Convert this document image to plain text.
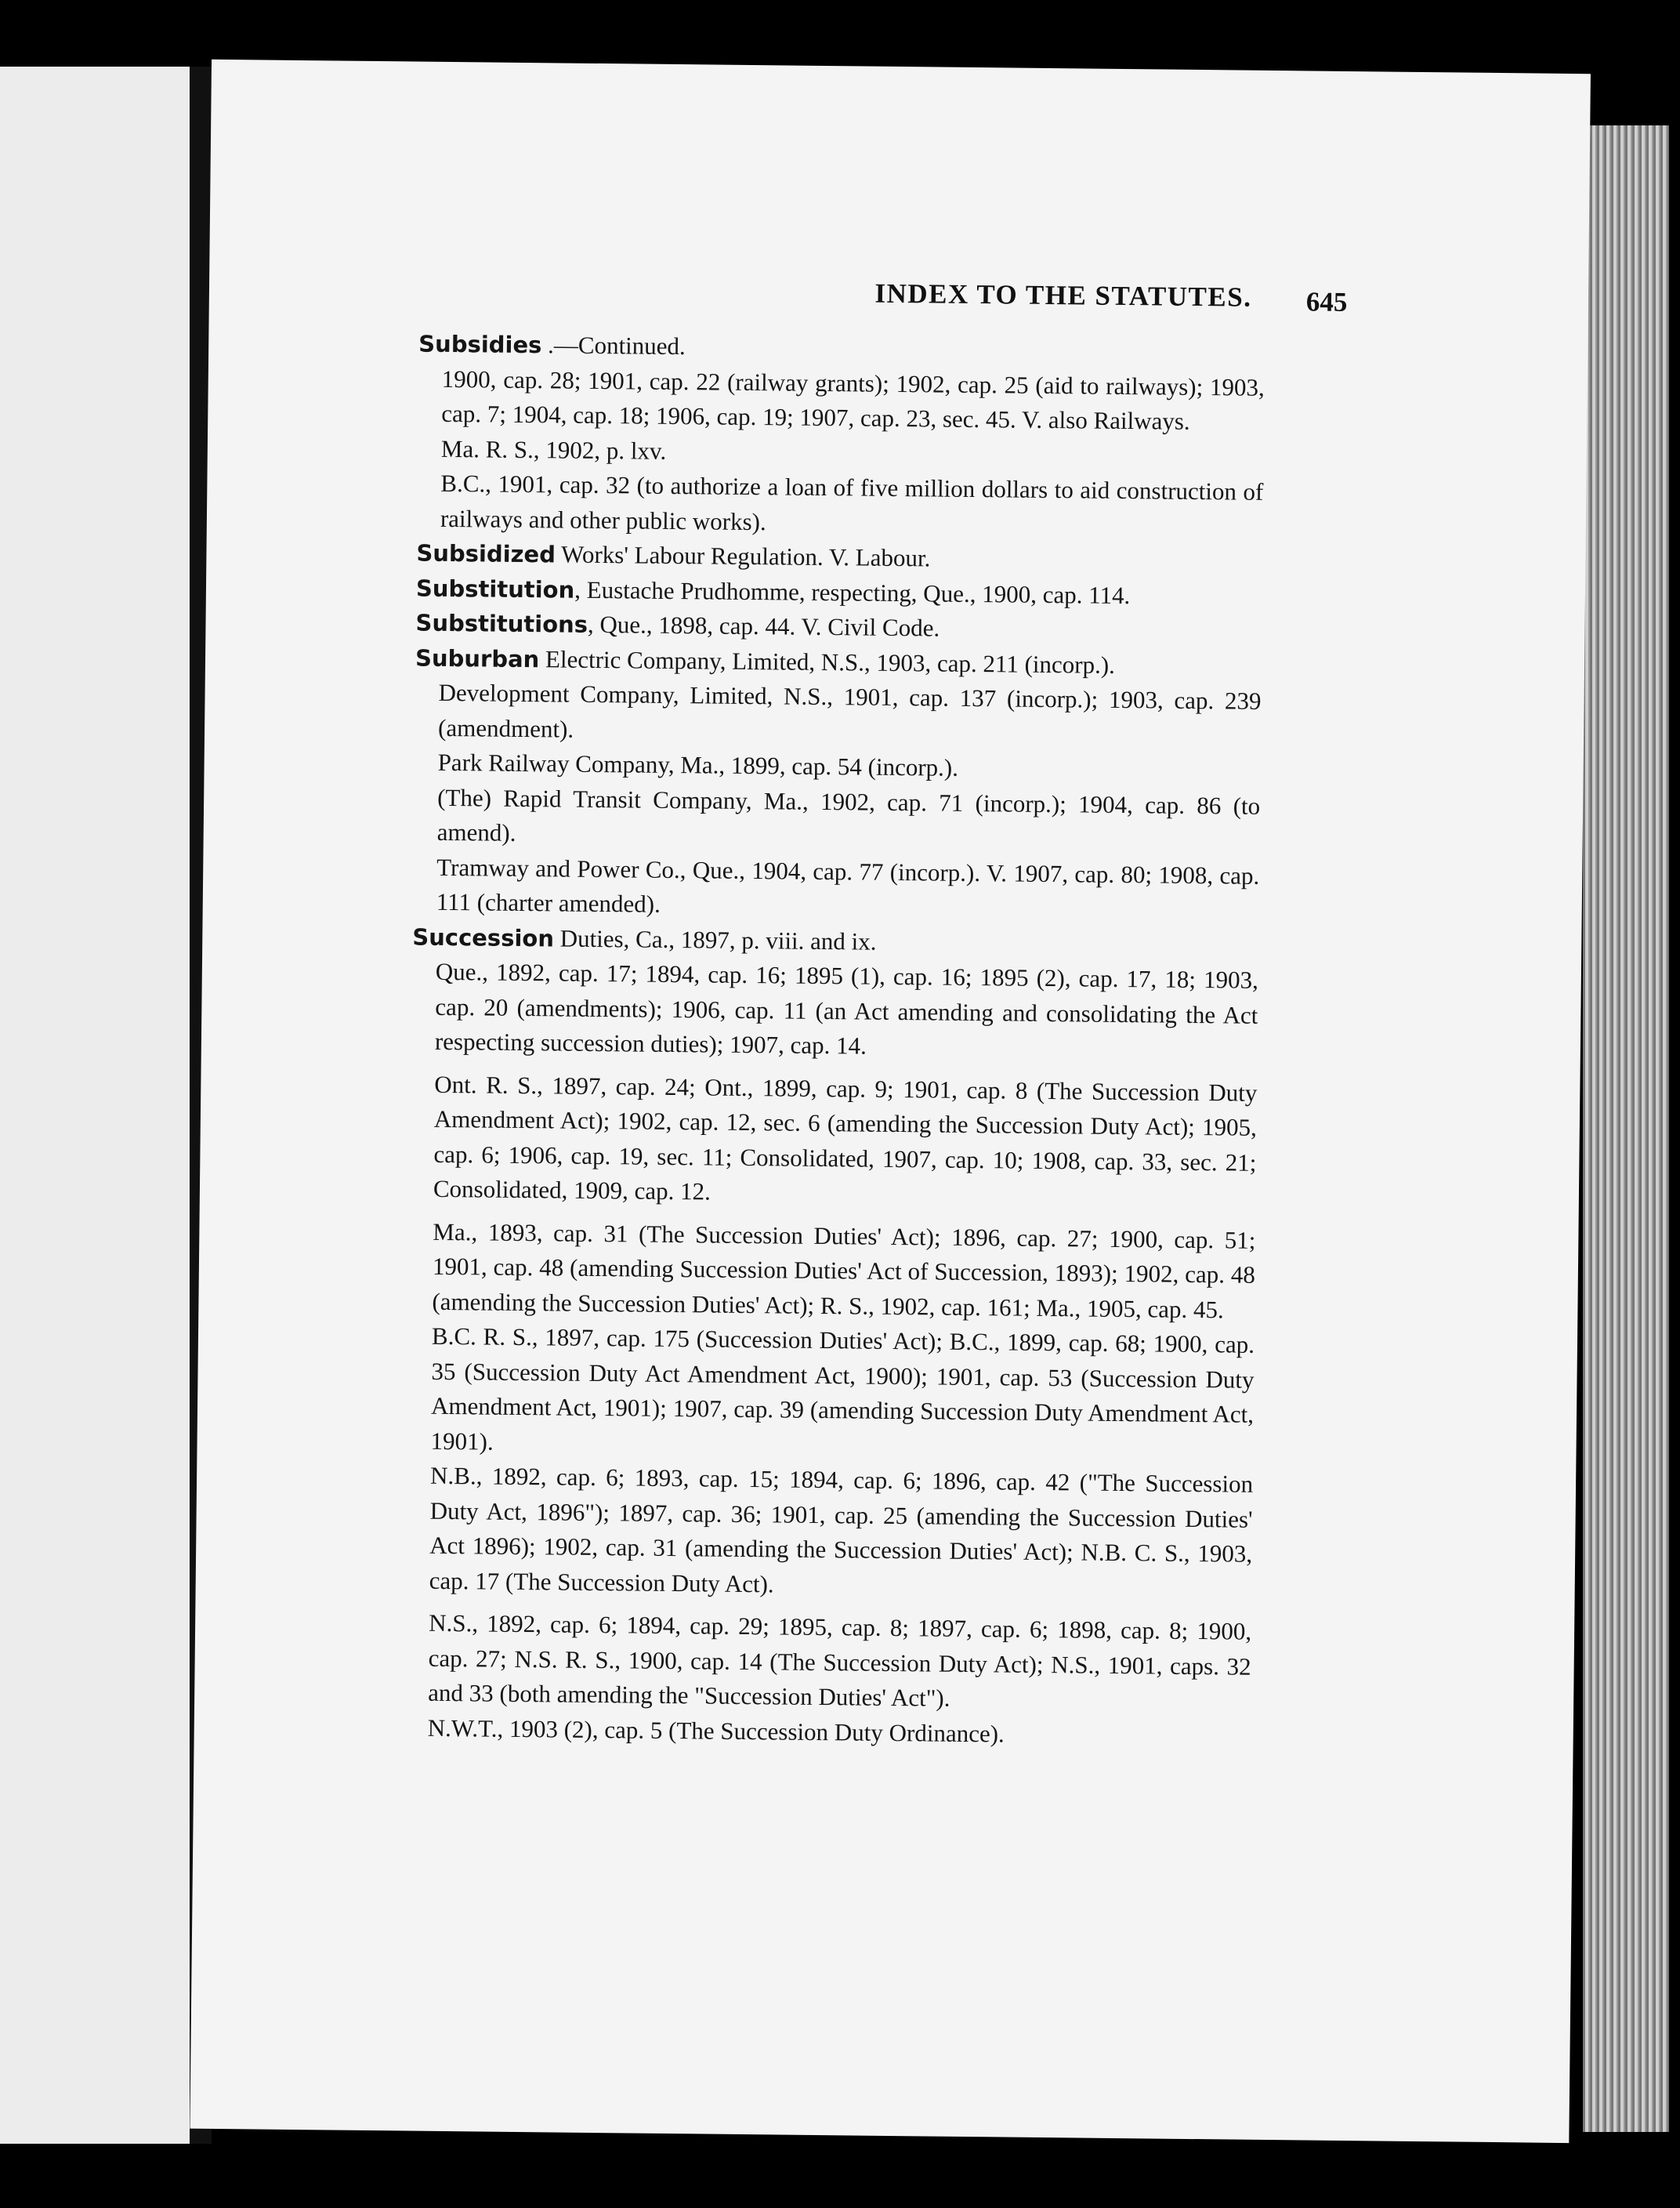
INDEX TO THE STATUTES.	645

Subsidies .—Continued.

1900, cap. 28; 1901, cap. 22 (railway grants); 1902, cap. 25 (aid to railways); 1903, cap. 7; 1904, cap. 18; 1906, cap. 19; 1907, cap. 23, sec. 45. V. also Railways.

Ma. R. S., 1902, p. lxv.

B.C., 1901, cap. 32 (to authorize a loan of five million dollars to aid construction of railways and other public works).

Subsidized Works' Labour Regulation. V. Labour.

Substitution, Eustache Prudhomme, respecting, Que., 1900, cap. 114.

Substitutions, Que., 1898, cap. 44. V. Civil Code.

Suburban Electric Company, Limited, N.S., 1903, cap. 211 (incorp.).

Development Company, Limited, N.S., 1901, cap. 137 (incorp.); 1903, cap. 239 (amendment).

Park Railway Company, Ma., 1899, cap. 54 (incorp.).

(The) Rapid Transit Company, Ma., 1902, cap. 71 (incorp.); 1904, cap. 86 (to amend).

Tramway and Power Co., Que., 1904, cap. 77 (incorp.). V. 1907, cap. 80; 1908, cap. 111 (charter amended).

Succession Duties, Ca., 1897, p. viii. and ix.

Que., 1892, cap. 17; 1894, cap. 16; 1895 (1), cap. 16; 1895 (2), cap. 17, 18; 1903, cap. 20 (amendments); 1906, cap. 11 (an Act amending and consolidating the Act respecting succession duties); 1907, cap. 14.

Ont. R. S., 1897, cap. 24; Ont., 1899, cap. 9; 1901, cap. 8 (The Succession Duty Amendment Act); 1902, cap. 12, sec. 6 (amending the Succession Duty Act); 1905, cap. 6; 1906, cap. 19, sec. 11; Consolidated, 1907, cap. 10; 1908, cap. 33, sec. 21; Consolidated, 1909, cap. 12.

Ma., 1893, cap. 31 (The Succession Duties' Act); 1896, cap. 27; 1900, cap. 51; 1901, cap. 48 (amending Succession Duties' Act of Succession, 1893); 1902, cap. 48 (amending the Succession Duties' Act); R. S., 1902, cap. 161; Ma., 1905, cap. 45.

B.C. R. S., 1897, cap. 175 (Succession Duties' Act); B.C., 1899, cap. 68; 1900, cap. 35 (Succession Duty Act Amendment Act, 1900); 1901, cap. 53 (Succession Duty Amendment Act, 1901); 1907, cap. 39 (amending Succession Duty Amendment Act, 1901).

N.B., 1892, cap. 6; 1893, cap. 15; 1894, cap. 6; 1896, cap. 42 ("The Succession Duty Act, 1896"); 1897, cap. 36; 1901, cap. 25 (amending the Succession Duties' Act 1896); 1902, cap. 31 (amending the Succession Duties' Act); N.B. C. S., 1903, cap. 17 (The Succession Duty Act).

N.S., 1892, cap. 6; 1894, cap. 29; 1895, cap. 8; 1897, cap. 6; 1898, cap. 8; 1900, cap. 27; N.S. R. S., 1900, cap. 14 (The Succession Duty Act); N.S., 1901, caps. 32 and 33 (both amending the "Succession Duties' Act").

N.W.T., 1903 (2), cap. 5 (The Succession Duty Ordinance).
